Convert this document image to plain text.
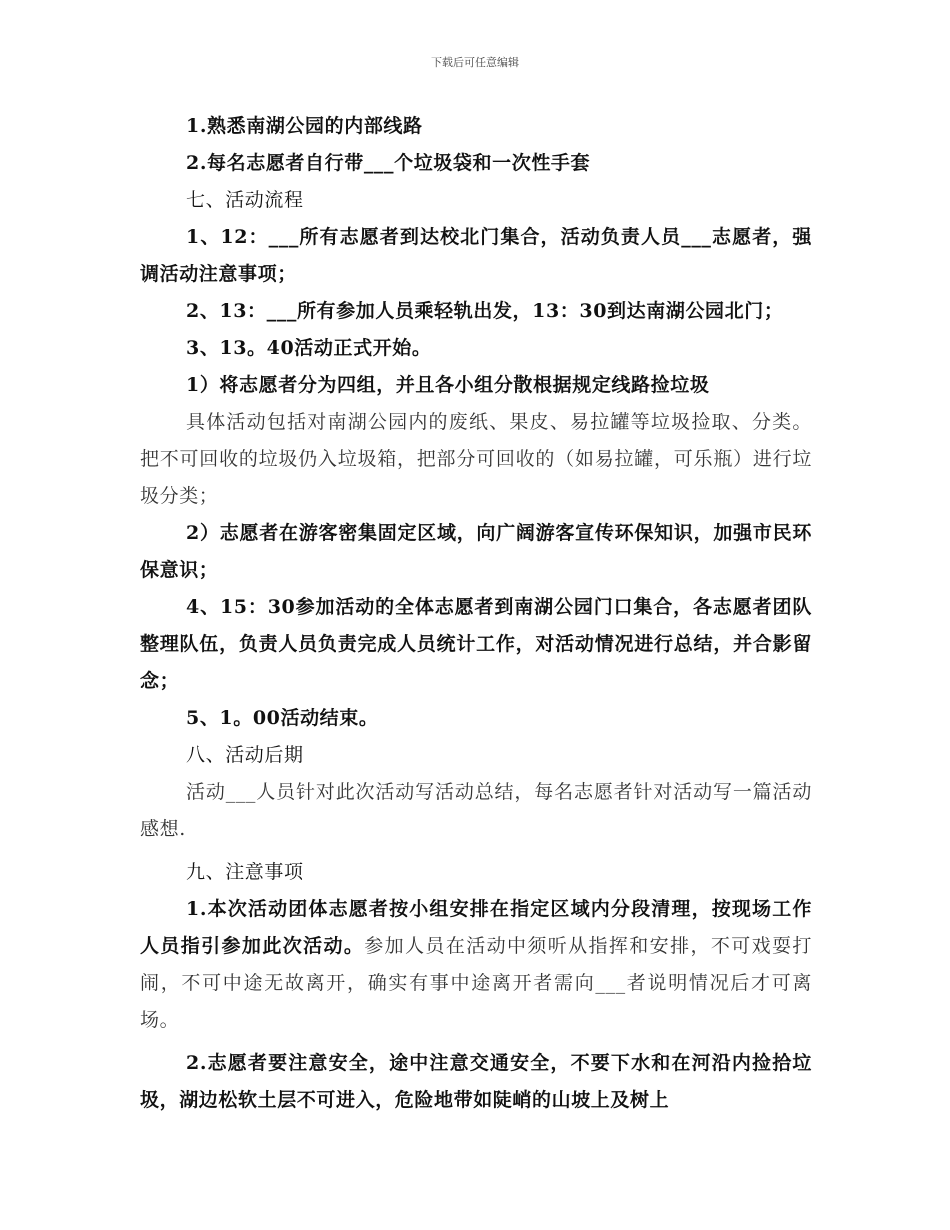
下载后可任意编辑

1.熟悉南湖公园的内部线路

2.每名志愿者自行带___个垃圾袋和一次性手套

七、活动流程

1、12：___所有志愿者到达校北门集合，活动负责人员___志愿者，强调活动注意事项；

2、13：___所有参加人员乘轻轨出发，13：30到达南湖公园北门；

3、13。40活动正式开始。

1）将志愿者分为四组，并且各小组分散根据规定线路捡垃圾

具体活动包括对南湖公园内的废纸、果皮、易拉罐等垃圾捡取、分类。把不可回收的垃圾仍入垃圾箱，把部分可回收的（如易拉罐，可乐瓶）进行垃圾分类；

2）志愿者在游客密集固定区域，向广阔游客宣传环保知识，加强市民环保意识；

4、15：30参加活动的全体志愿者到南湖公园门口集合，各志愿者团队整理队伍，负责人员负责完成人员统计工作，对活动情况进行总结，并合影留念；

5、1。00活动结束。

八、活动后期

活动___人员针对此次活动写活动总结，每名志愿者针对活动写一篇活动感想.

九、注意事项

1.本次活动团体志愿者按小组安排在指定区域内分段清理，按现场工作人员指引参加此次活动。参加人员在活动中须听从指挥和安排，不可戏耍打闹，不可中途无故离开，确实有事中途离开者需向___者说明情况后才可离场。

2.志愿者要注意安全，途中注意交通安全，不要下水和在河沿内捡拾垃圾，湖边松软土层不可进入，危险地带如陡峭的山坡上及树上
